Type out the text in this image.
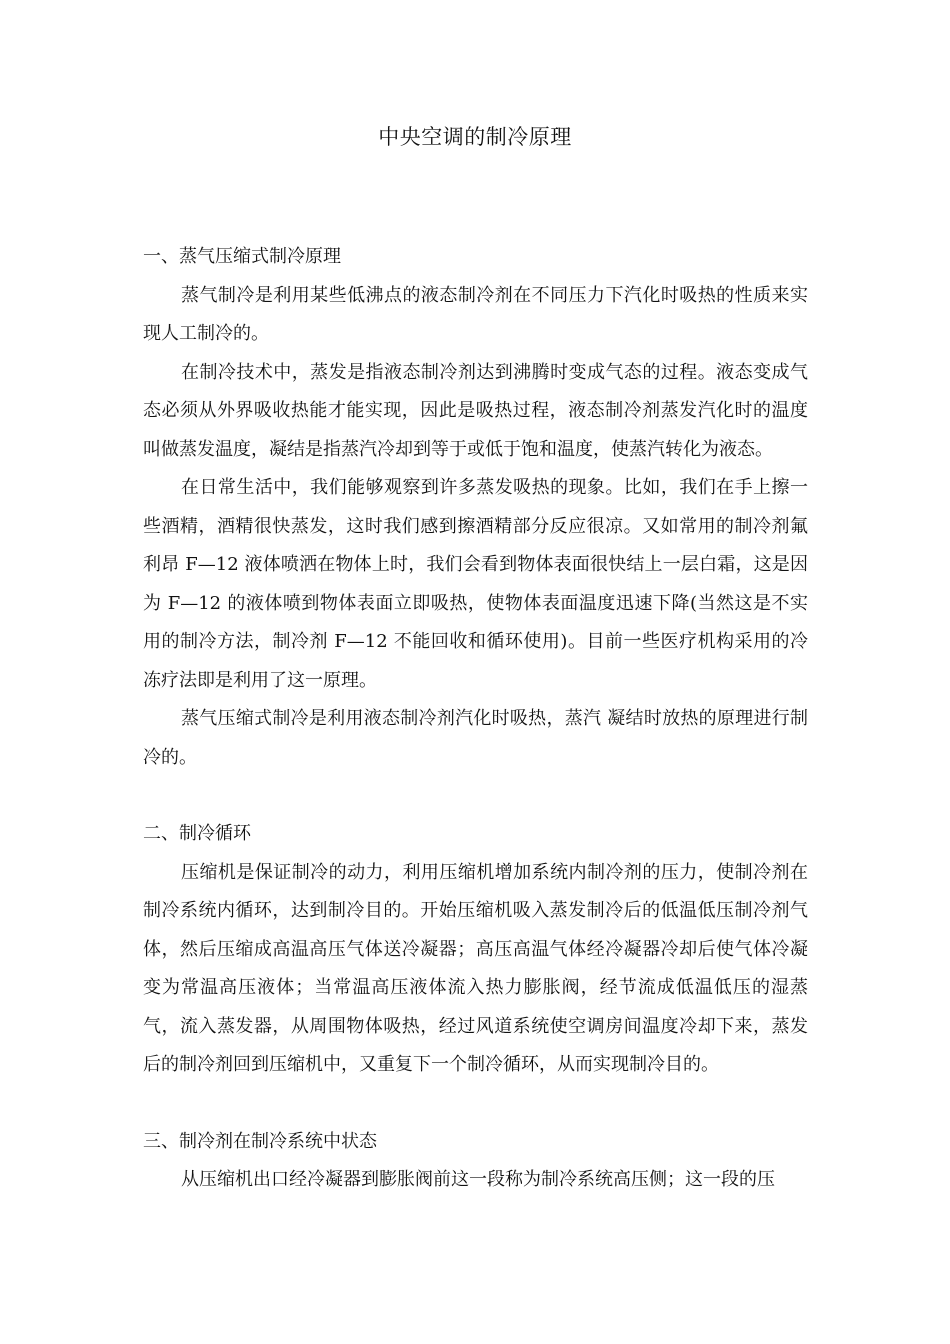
中央空调的制冷原理
一、蒸气压缩式制冷原理

蒸气制冷是利用某些低沸点的液态制冷剂在不同压力下汽化时吸热的性质来实现人工制冷的。

在制冷技术中，蒸发是指液态制冷剂达到沸腾时变成气态的过程。液态变成气态必须从外界吸收热能才能实现，因此是吸热过程，液态制冷剂蒸发汽化时的温度叫做蒸发温度，凝结是指蒸汽冷却到等于或低于饱和温度，使蒸汽转化为液态。

在日常生活中，我们能够观察到许多蒸发吸热的现象。比如，我们在手上擦一些酒精，酒精很快蒸发，这时我们感到擦酒精部分反应很凉。又如常用的制冷剂氟利昂 F—12 液体喷洒在物体上时，我们会看到物体表面很快结上一层白霜，这是因为 F—12 的液体喷到物体表面立即吸热，使物体表面温度迅速下降(当然这是不实用的制冷方法，制冷剂 F—12 不能回收和循环使用)。目前一些医疗机构采用的冷冻疗法即是利用了这一原理。

蒸气压缩式制冷是利用液态制冷剂汽化时吸热，蒸汽 凝结时放热的原理进行制冷的。

二、制冷循环

压缩机是保证制冷的动力，利用压缩机增加系统内制冷剂的压力，使制冷剂在制冷系统内循环，达到制冷目的。开始压缩机吸入蒸发制冷后的低温低压制冷剂气体，然后压缩成高温高压气体送冷凝器；高压高温气体经冷凝器冷却后使气体冷凝变为常温高压液体；当常温高压液体流入热力膨胀阀，经节流成低温低压的湿蒸气，流入蒸发器，从周围物体吸热，经过风道系统使空调房间温度冷却下来，蒸发后的制冷剂回到压缩机中，又重复下一个制冷循环，从而实现制冷目的。

三、制冷剂在制冷系统中状态

从压缩机出口经冷凝器到膨胀阀前这一段称为制冷系统高压侧；这一段的压
